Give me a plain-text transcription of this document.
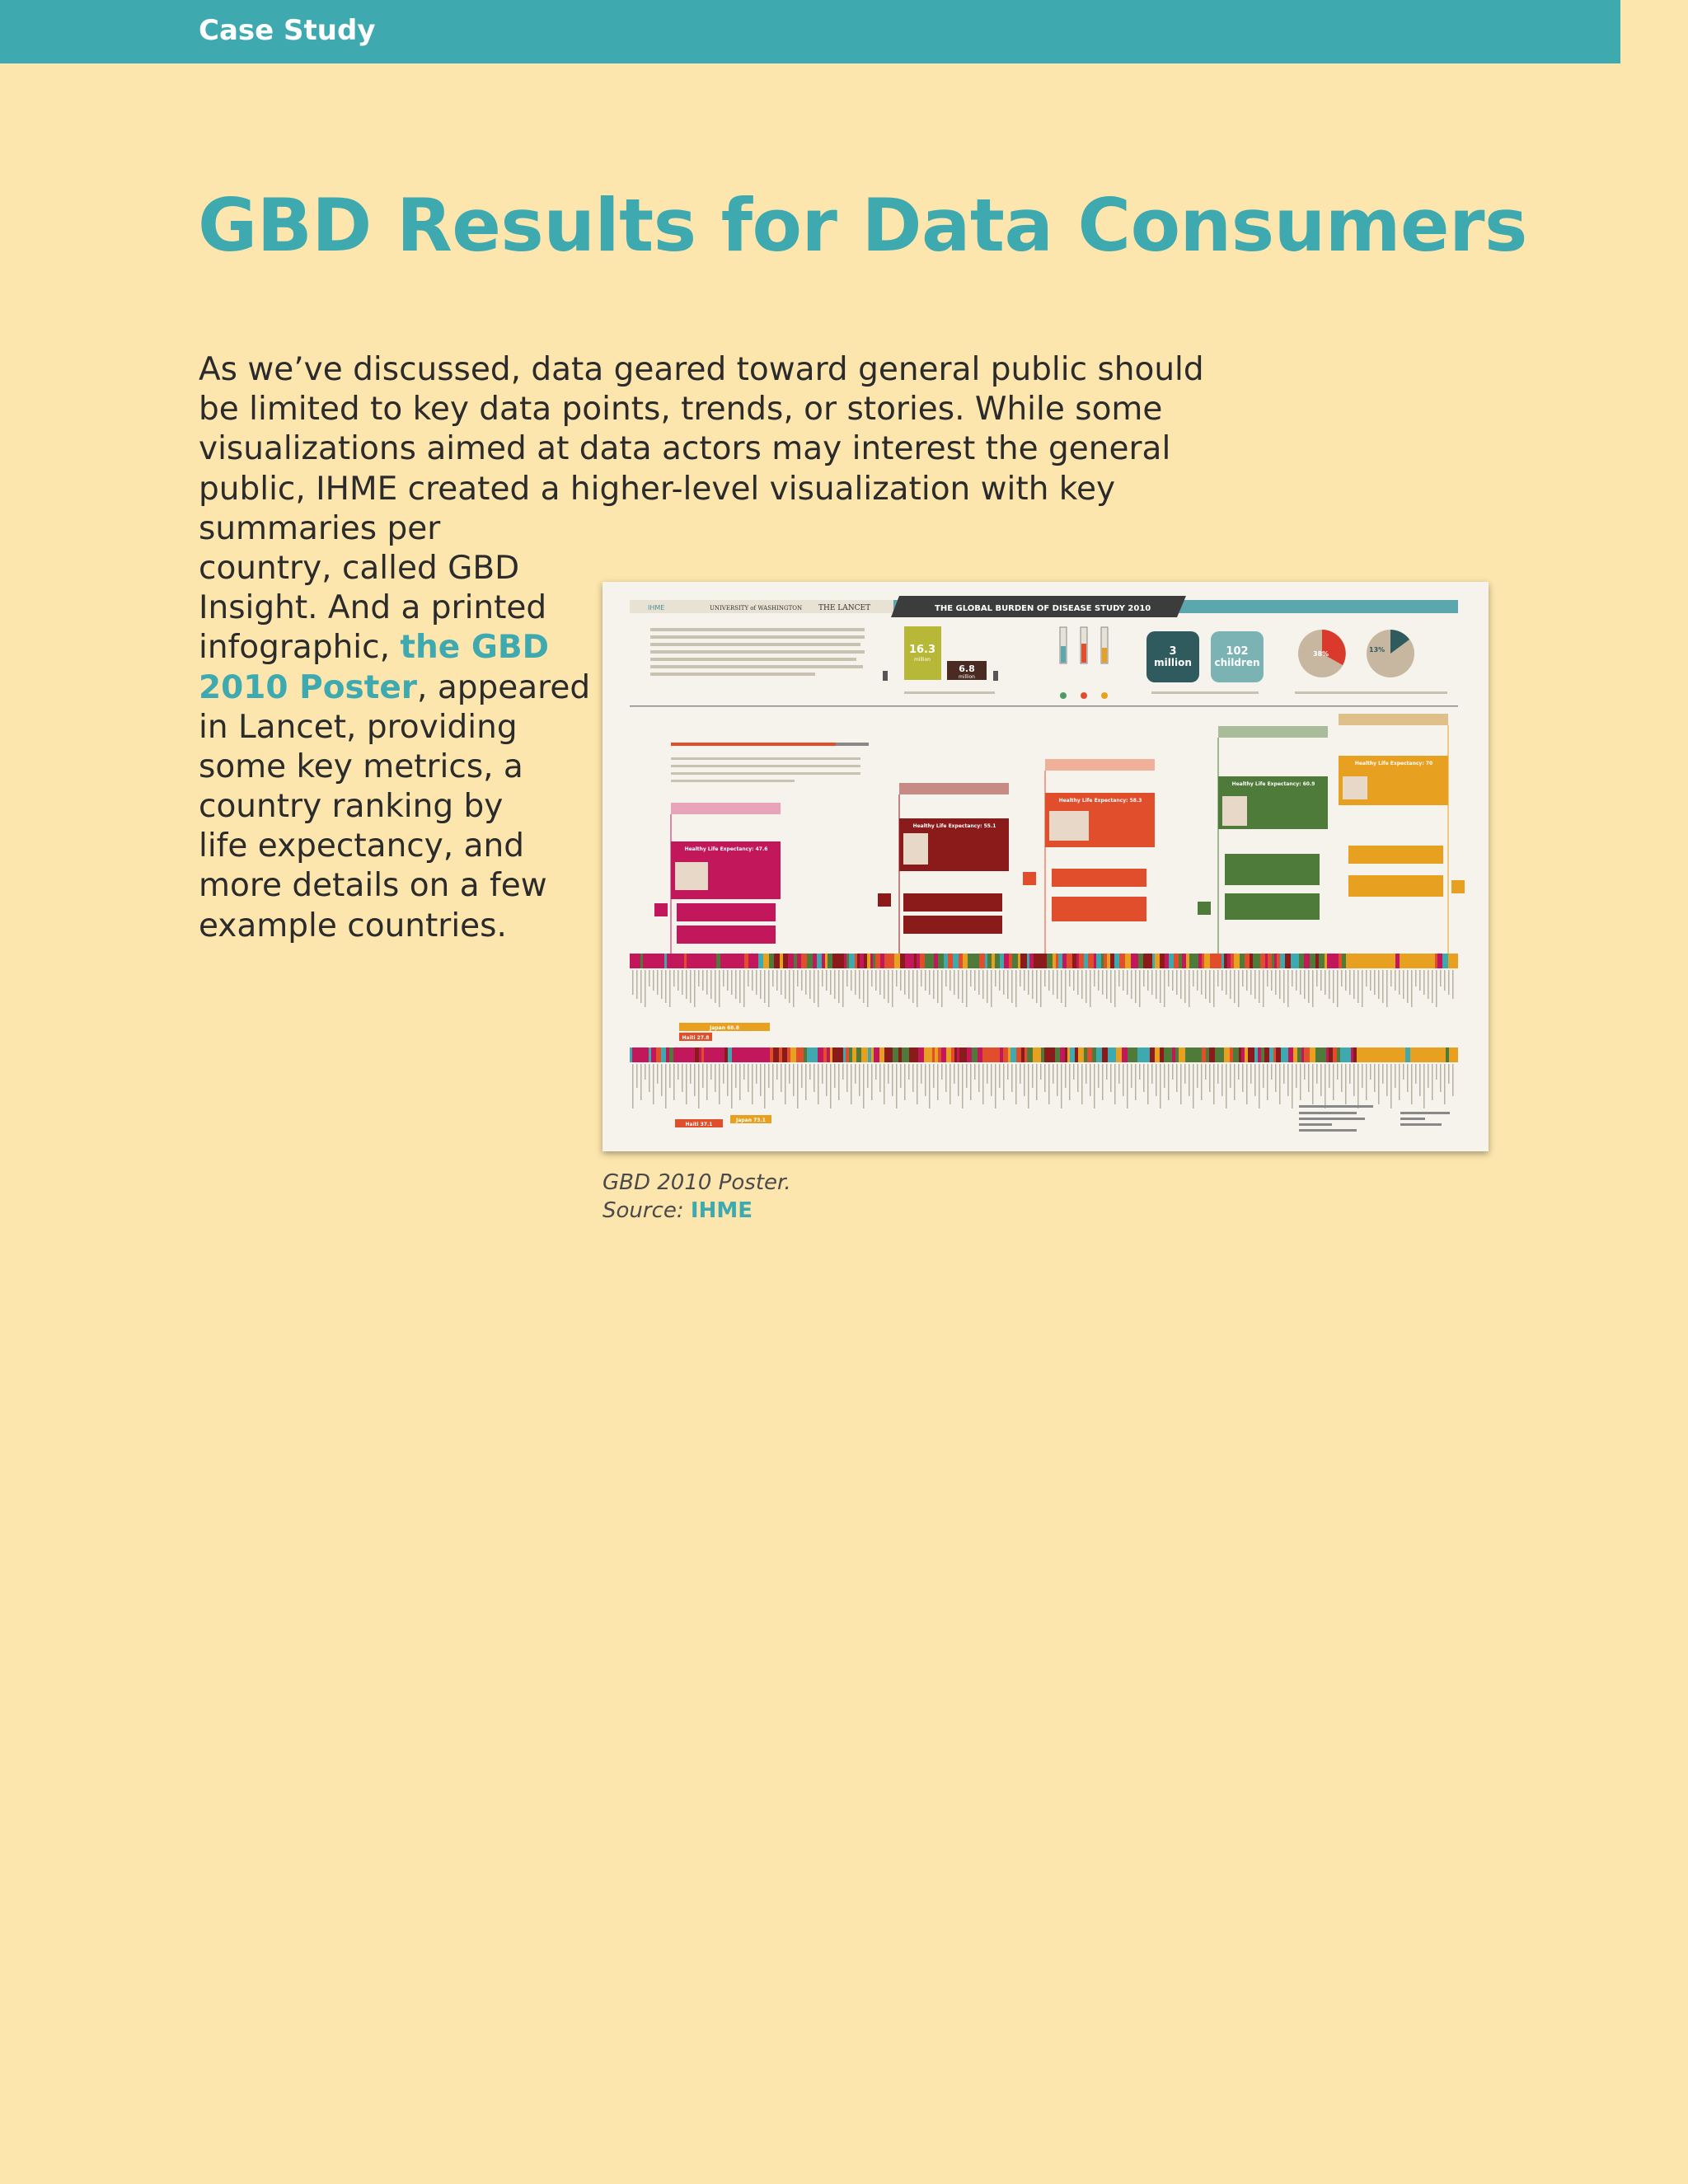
Case Study
GBD Results for Data Consumers
As we’ve discussed, data geared toward general public should
be limited to key data points, trends, or stories. While some
visualizations aimed at data actors may interest the general
public, IHME created a higher-level visualization with key
summaries per
country, called GBD
Insight. And a printed
infographic, the GBD
2010 Poster, appeared
in Lancet, providing
some key metrics, a
country ranking by
life expectancy, and
more details on a few
example countries.
IHME	UNIVERSITY of WASHINGTON THE LANCET	THE GLOBAL BURDEN OF DISEASE STUDY 2010
16.3
million
6.8
million
3
million
102
children
38%
13%
Healthy Life Expectancy: 47.6
Healthy Life Expectancy: 55.1
Healthy Life Expectancy: 58.3
Healthy Life Expectancy: 60.9
Healthy Life Expectancy: 70
Japan 68.8
Haiti 27.8
Japan 73.1
Haiti 37.1
GBD 2010 Poster.
Source: IHME
